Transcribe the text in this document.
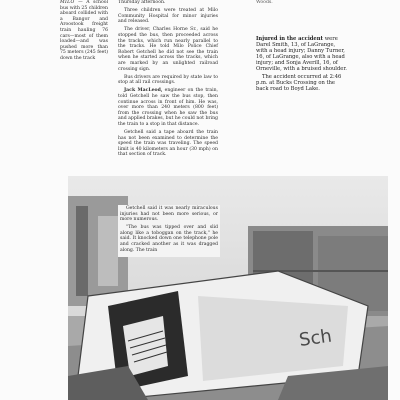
MILO — A school bus with 25 children aboard collided with a Bangor and Aroostook freight train hauling 76 cars—most of them loaded—and was pushed more than 75 meters (245 feet) down the track

Thursday afternoon.

Three children were treated at Milo Community Hospital for minor injuries and released.

The driver, Charles Horne Sr., said he stopped the bus, then proceeded across the tracks, which run nearly parallel to the tracks. He told Milo Police Chief Robert Getchell he did not see the train when he started across the tracks, which are marked by an unlighted railroad crossing sign.

Bus drivers are required by state law to stop at all rail crossings.

Jack MacLeod, engineer on the train, told Getchell he saw the bus stop, then continue across in front of him. He was, over more than 240 meters (800 feet) from the crossing when he saw the bus and applied brakes, but he could not bring the train to a stop in that distance.

Getchell said a tape aboard the train has not been examined to determine the speed the train was traveling. The speed limit is 40 kilometers an hour (30 mph) on that section of track.

Woods.

Injured in the accident were Darel Smith, 13, of LaGrange, with a head injury; Danny Turner, 16, of LaGrange, also with a head injury; and Sonja Averill, 16, of Orneville, with a bruised shoulder.
The accident occurred at 2:46 p.m. at Bucks Crossing on the back road to Boyd Lake.
Sch

Getchell said it was nearly miraculous injuries had not been more serious, or more numerous.

"The bus was tipped over and slid along like a toboggan on the track," he said. It knocked down one telephone pole and cracked another as it was dragged along. The train
